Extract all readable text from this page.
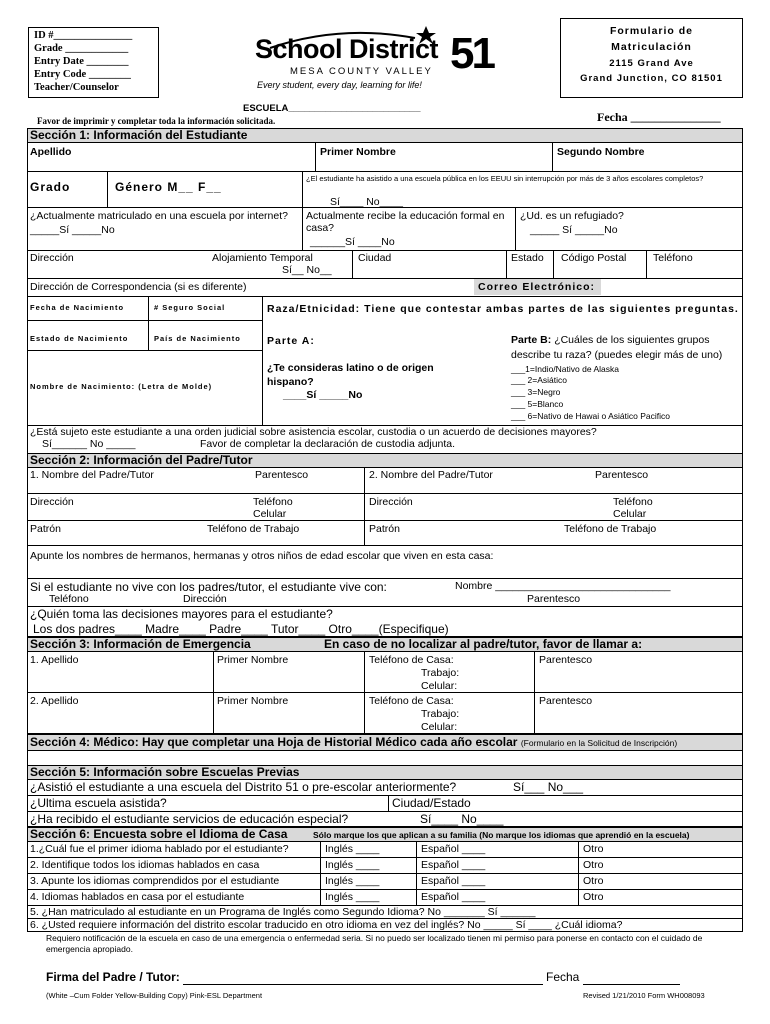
ID #_______________
Grade ____________
Entry Date ________
Entry Code ________
Teacher/Counselor
School District 51
MESA COUNTY VALLEY
Every student, every day, learning for life!
Formulario de
Matriculación
2115 Grand Ave
Grand Junction, CO 81501
ESCUELA_________________________
Favor de imprimir y completar toda la información solicitada.	Fecha _______________
Sección 1: Información del Estudiante
Apellido	Primer Nombre	Segundo Nombre
Grado	Género M__ F__
¿El estudiante ha asistido a una escuela pública en los EEUU sin interrupción por más de 3 años escolares completos?
Sí____ No____
¿Actualmente matriculado en una escuela por internet?
_____Sí _____No
Actualmente recibe la educación formal en casa?
______Sí ____No
¿Ud. es un refugiado?
_____ Sí _____No
Dirección	Alojamiento Temporal
Sí__ No__
Ciudad	Estado Código Postal	Teléfono
Dirección de Correspondencia (si es diferente)	Correo Electrónico:
Fecha de Nacimiento	# Seguro Social
Estado de Nacimiento	País de Nacimiento
Nombre de Nacimiento: (Letra de Molde)
Raza/Etnicidad: Tiene que contestar ambas partes de las siguientes preguntas.
Parte A:
¿Te consideras latino o de origen hispano?
____Sí _____No
Parte B: ¿Cuáles de los siguientes grupos describe tu raza? (puedes elegir más de uno)
___1=Indio/Nativo de Alaska
___ 2=Asiático
___ 3=Negro
___ 5=Blanco
___ 6=Nativo de Hawai o Asiático Pacifico
¿Está sujeto este estudiante a una orden judicial sobre asistencia escolar, custodia o un acuerdo de decisiones mayores?
Sí______ No _____	Favor de completar la declaración de custodia adjunta.
Sección 2: Información del Padre/Tutor
1. Nombre del Padre/Tutor	Parentesco	2. Nombre del Padre/Tutor	Parentesco
Dirección	Teléfono
Celular
Dirección	Teléfono
Celular
Patrón	Teléfono de Trabajo	Patrón	Teléfono de Trabajo
Apunte los nombres de hermanos, hermanas y otros niños de edad escolar que viven en esta casa:
Si el estudiante no vive con los padres/tutor, el estudiante vive con:	Nombre ______________________________
Teléfono	Dirección	Parentesco
¿Quién toma las decisiones mayores para el estudiante?
Los dos padres____ Madre____ Padre____ Tutor____ Otro____(Especifique)
Sección 3: Información de Emergencia	En caso de no localizar al padre/tutor, favor de llamar a:
1. Apellido	Primer Nombre	Teléfono de Casa:
Trabajo:
Celular:
Parentesco
2. Apellido	Primer Nombre	Teléfono de Casa:
Trabajo:
Celular:
Parentesco
Sección 4: Médico: Hay que completar una Hoja de Historial Médico cada año escolar (Formulario en la Solicitud de Inscripción)
Sección 5: Información sobre Escuelas Previas
¿Asistió el estudiante a una escuela del Distrito 51 o pre-escolar anteriormente?	Sí___ No___
¿Ultima escuela asistida?	Ciudad/Estado
¿Ha recibido el estudiante servicios de educación especial?	Sí____ No____
Sección 6: Encuesta sobre el Idioma de Casa	Sólo marque los que aplican a su familia (No marque los idiomas que aprendió en la escuela)
1.¿Cuál fue el primer idioma hablado por el estudiante?	Inglés ____	Español ____	Otro
2. Identifique todos los idiomas hablados en casa	Inglés ____	Español ____	Otro
3. Apunte los idiomas comprendidos por el estudiante	Inglés ____	Español ____	Otro
4. Idiomas hablados en casa por el estudiante	Inglés ____	Español ____	Otro
5. ¿Han matriculado al estudiante en un Programa de Inglés como Segundo Idioma? No _______ Sí ______
6. ¿Usted requiere información del distrito escolar traducido en otro idioma en vez del inglés? No _____ Sí ____ ¿Cuál idioma?
Requiero notificación de la escuela en caso de una emergencia o enfermedad seria. Si no puedo ser localizado tienen mi permiso para ponerse en contacto con el cuidado de emergencia apropiado.
Firma del Padre / Tutor:	Fecha
(White –Cum Folder Yellow-Building Copy) Pink-ESL Department	Revised 1/21/2010 Form WH008093
